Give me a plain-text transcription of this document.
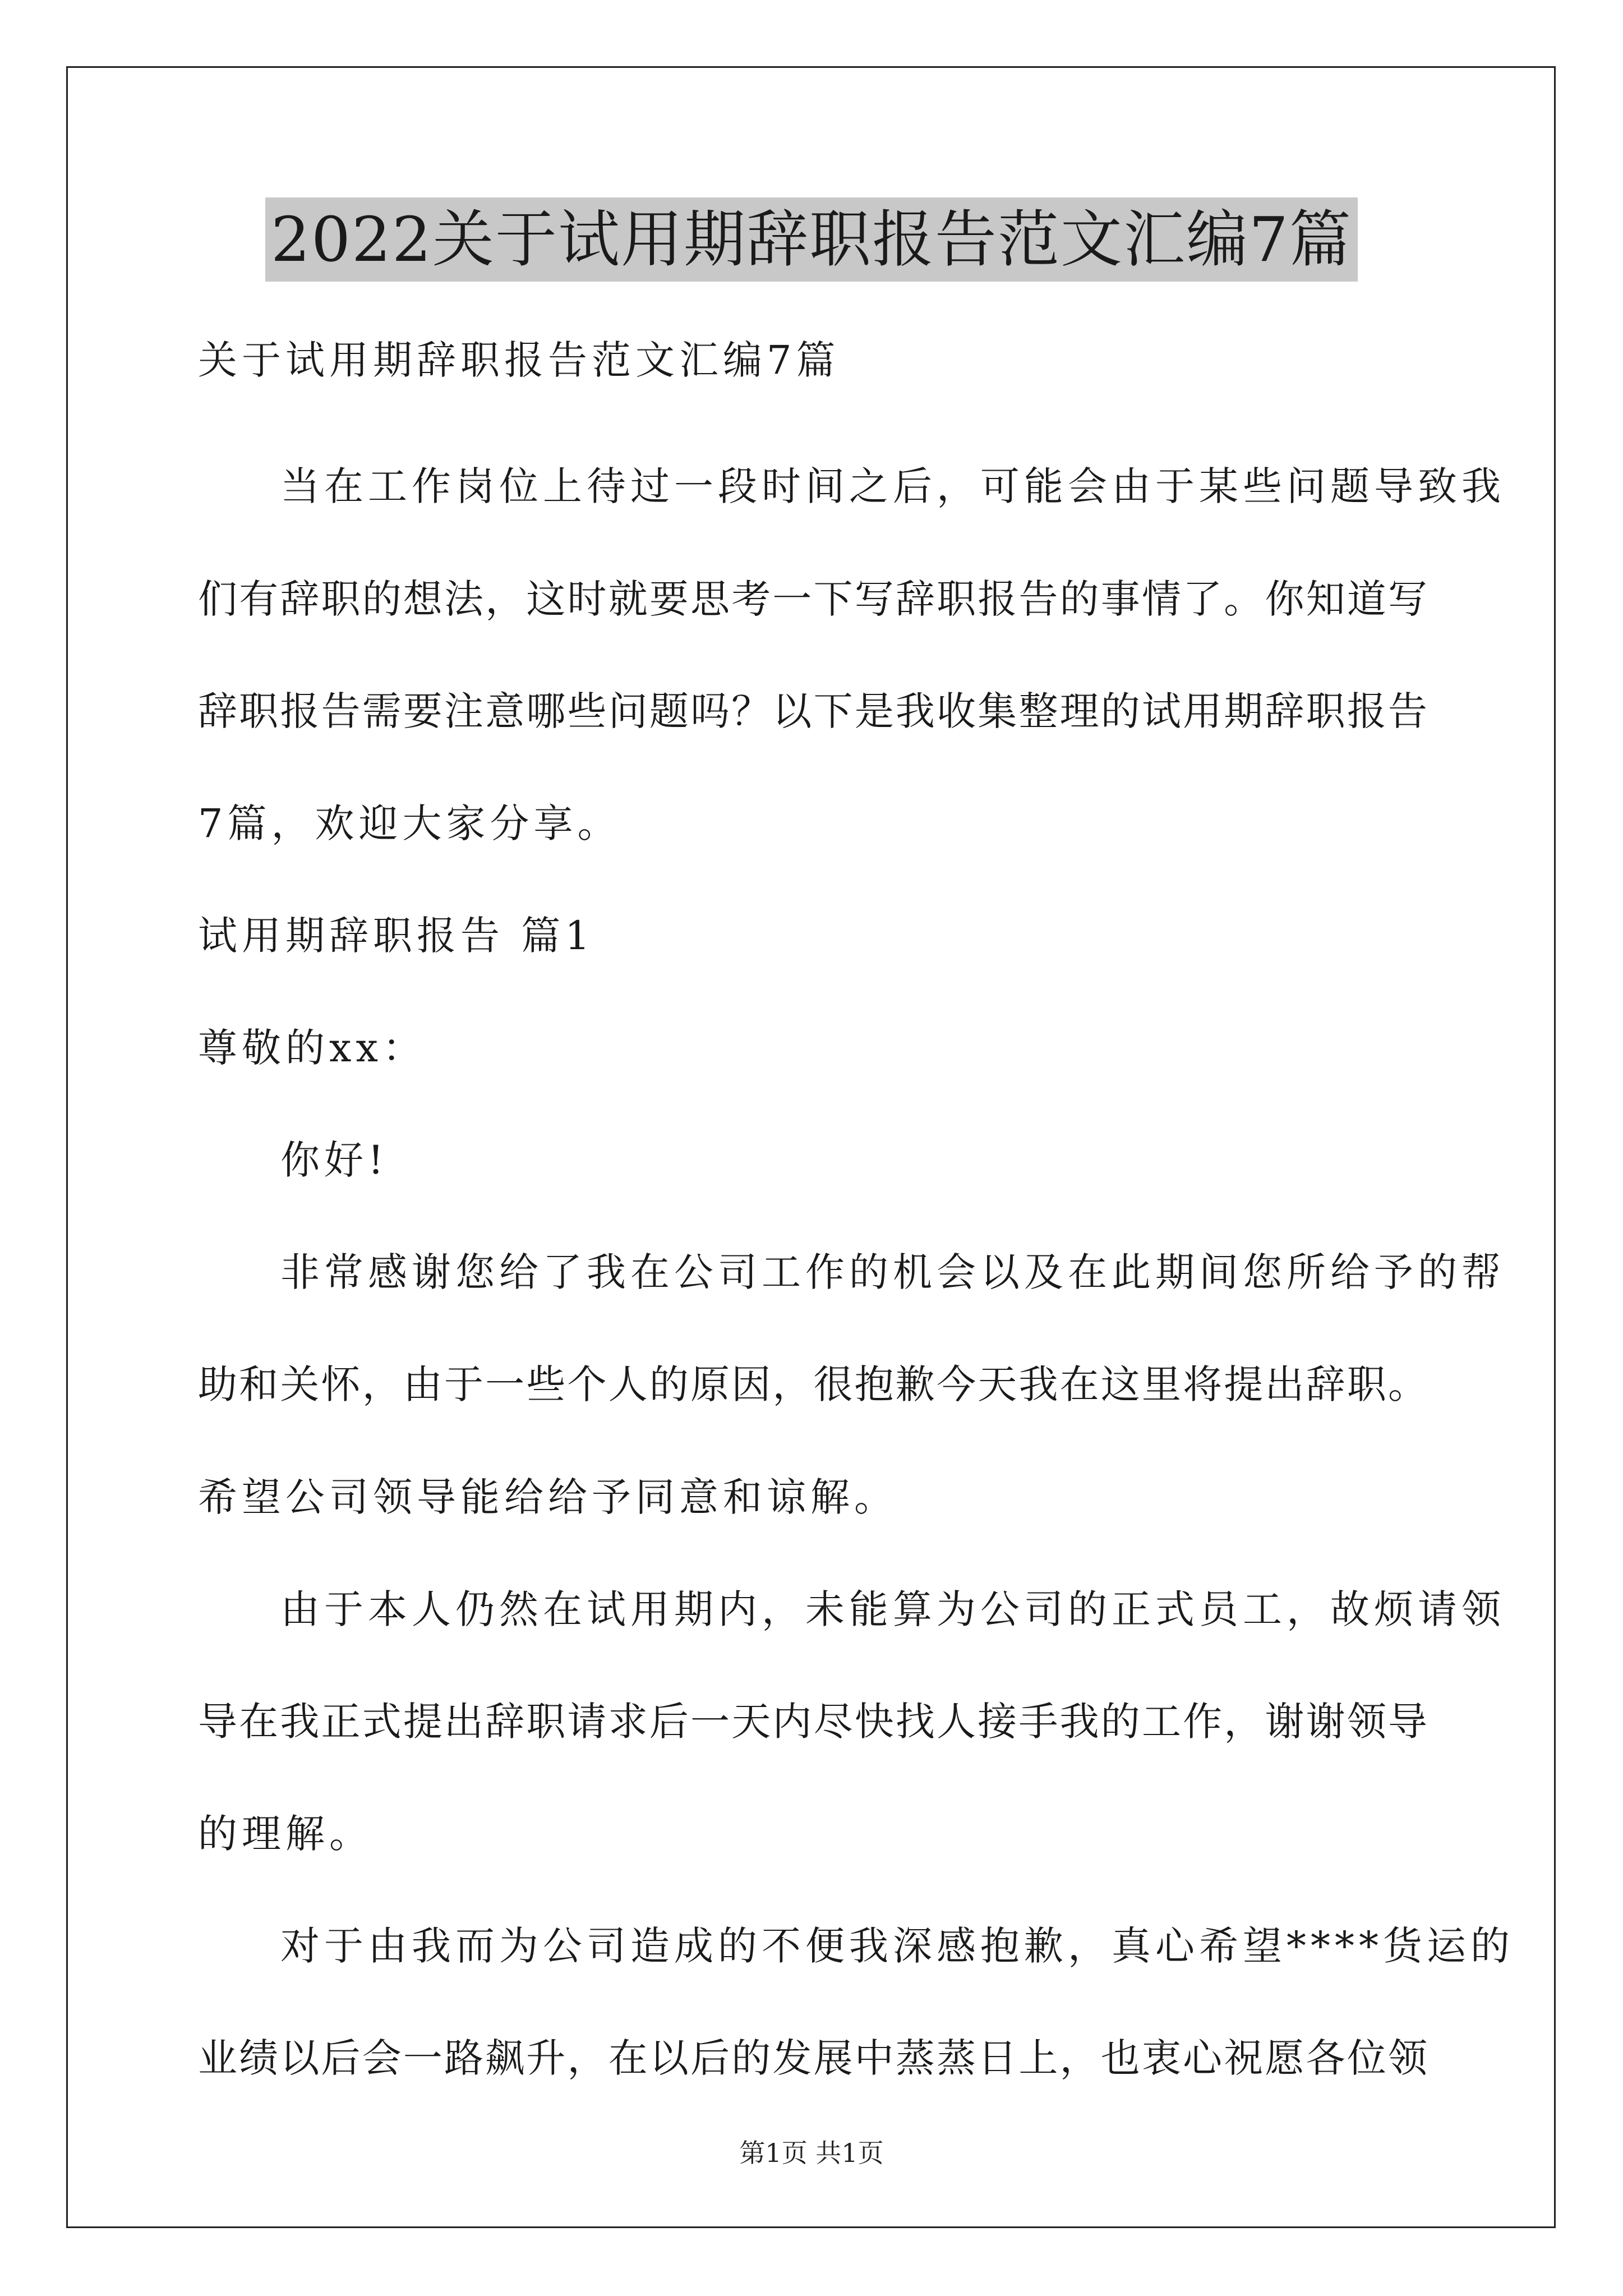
2022关于试用期辞职报告范文汇编7篇
关于试用期辞职报告范文汇编7篇
当在工作岗位上待过一段时间之后，可能会由于某些问题导致我
们有辞职的想法，这时就要思考一下写辞职报告的事情了。你知道写
辞职报告需要注意哪些问题吗？以下是我收集整理的试用期辞职报告
7篇，欢迎大家分享。
试用期辞职报告 篇1
尊敬的xx：
你好!
非常感谢您给了我在公司工作的机会以及在此期间您所给予的帮
助和关怀，由于一些个人的原因，很抱歉今天我在这里将提出辞职。
希望公司领导能给给予同意和谅解。
由于本人仍然在试用期内，未能算为公司的正式员工，故烦请领
导在我正式提出辞职请求后一天内尽快找人接手我的工作，谢谢领导
的理解。
对于由我而为公司造成的不便我深感抱歉，真心希望****货运的
业绩以后会一路飙升，在以后的发展中蒸蒸日上，也衷心祝愿各位领
第1页 共1页
